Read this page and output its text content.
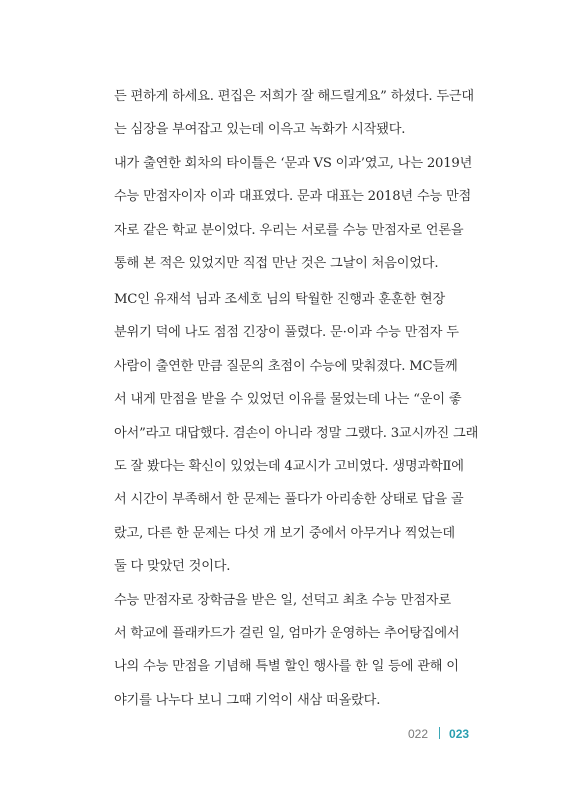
든 편하게 하세요. 편집은 저희가 잘 해드릴게요” 하셨다. 두근대
는 심장을 부여잡고 있는데 이윽고 녹화가 시작됐다.
내가 출연한 회차의 타이틀은 ‘문과 VS 이과’였고, 나는 2019년
수능 만점자이자 이과 대표였다. 문과 대표는 2018년 수능 만점
자로 같은 학교 분이었다. 우리는 서로를 수능 만점자로 언론을
통해 본 적은 있었지만 직접 만난 것은 그날이 처음이었다.
MC인 유재석 님과 조세호 님의 탁월한 진행과 훈훈한 현장
분위기 덕에 나도 점점 긴장이 풀렸다. 문·이과 수능 만점자 두
사람이 출연한 만큼 질문의 초점이 수능에 맞춰졌다. MC들께
서 내게 만점을 받을 수 있었던 이유를 물었는데 나는 “운이 좋
아서”라고 대답했다. 겸손이 아니라 정말 그랬다. 3교시까진 그래
도 잘 봤다는 확신이 있었는데 4교시가 고비였다. 생명과학Ⅱ에
서 시간이 부족해서 한 문제는 풀다가 아리송한 상태로 답을 골
랐고, 다른 한 문제는 다섯 개 보기 중에서 아무거나 찍었는데
둘 다 맞았던 것이다.
수능 만점자로 장학금을 받은 일, 선덕고 최초 수능 만점자로
서 학교에 플래카드가 걸린 일, 엄마가 운영하는 추어탕집에서
나의 수능 만점을 기념해 특별 할인 행사를 한 일 등에 관해 이
야기를 나누다 보니 그때 기억이 새삼 떠올랐다.
022 023
